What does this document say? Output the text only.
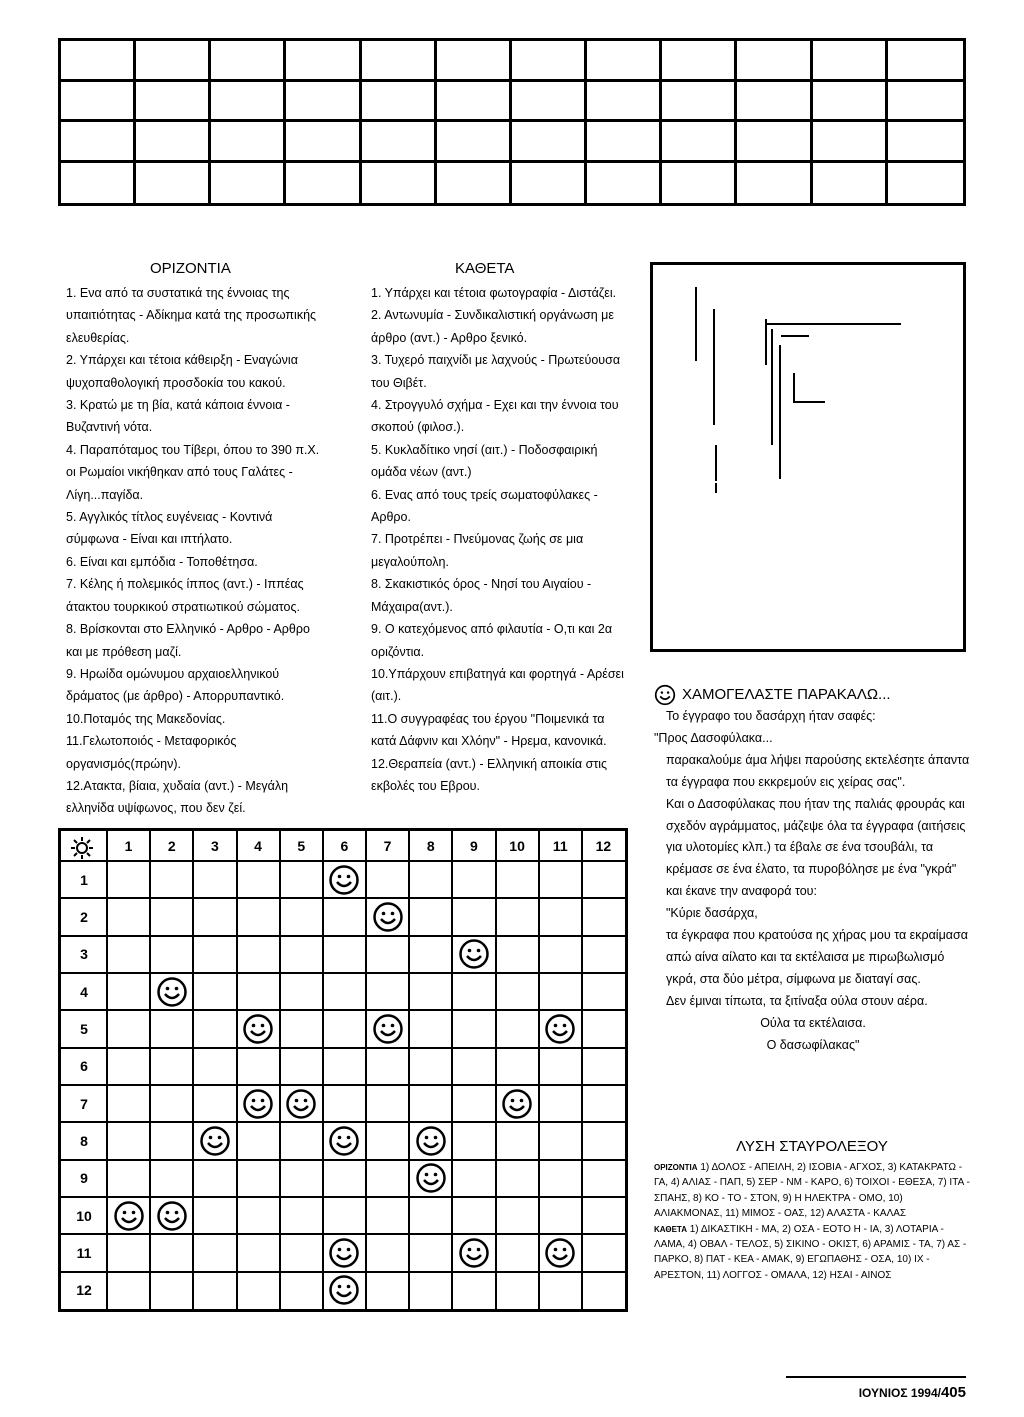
ΟΡΙΖΟΝΤΙΑ

1. Ενα από τα συστατικά της έννοιας της υπαιτιότητας - Αδίκημα κατά της προσωπικής ελευθερίας.

2. Υπάρχει και τέτοια κάθειρξη - Εναγώνια ψυχοπαθολογική προσδοκία του κακού.

3. Κρατώ με τη βία, κατά κάποια έννοια - Βυζαντινή νότα.

4. Παραπόταμος του Τίβερι, όπου το 390 π.Χ. οι Ρωμαίοι νικήθηκαν από τους Γαλάτες - Λίγη...παγίδα.

5. Αγγλικός τίτλος ευγένειας - Κοντινά σύμφωνα - Είναι και ιπτήλατο.

6. Είναι και εμπόδια - Τοποθέτησα.

7. Κέλης ή πολεμικός ίππος (αντ.) - Ιππέας άτακτου τουρκικού στρατιωτικού σώματος.

8. Βρίσκονται στο Ελληνικό - Αρθρο - Αρθρο και με πρόθεση μαζί.

9. Ηρωίδα ομώνυμου αρχαιοελληνικού δράματος (με άρθρο) - Απορρυπαντικό.

10.Ποταμός της Μακεδονίας.

11.Γελωτοποιός - Μεταφορικός οργανισμός(πρώην).

12.Ατακτα, βίαια, χυδαία (αντ.) - Μεγάλη ελληνίδα υψίφωνος, που δεν ζεί.

ΚΑΘΕΤΑ

1. Υπάρχει και τέτοια φωτογραφία - Διστάζει.

2. Αντωνυμία - Συνδικαλιστική οργάνωση με άρθρο (αντ.) - Αρθρο ξενικό.

3. Τυχερό παιχνίδι με λαχνούς - Πρωτεύουσα του Θιβέτ.

4. Στρογγυλό σχήμα - Εχει και την έννοια του σκοπού (φιλοσ.).

5. Κυκλαδίτικο νησί (αιτ.) - Ποδοσφαιρική ομάδα νέων (αντ.)

6. Ενας από τους τρείς σωματοφύλακες - Αρθρο.

7. Προτρέπει - Πνεύμονας ζωής σε μια μεγαλούπολη.

8. Σκακιστικός όρος - Νησί του Αιγαίου - Μάχαιρα(αντ.).

9. Ο κατεχόμενος από φιλαυτία - Ο,τι και 2α οριζόντια.

10.Υπάρχουν επιβατηγά και φορτηγά - Αρέσει (αιτ.).

11.Ο συγγραφέας του έργου "Ποιμενικά τα κατά Δάφνιν και Χλόην" - Ηρεμα, κανονικά.

12.Θεραπεία (αντ.) - Ελληνική αποικία στις εκβολές του Εβρου.

ΧΑΜΟΓΕΛΑΣΤΕ ΠΑΡΑΚΑΛΩ...

Το έγγραφο του δασάρχη ήταν σαφές:

"Προς Δασοφύλακα...

παρακαλούμε άμα λήψει παρούσης εκτελέσητε άπαντα τα έγγραφα που εκκρεμούν εις χείρας σας".

Και ο Δασοφύλακας που ήταν της παλιάς φρουράς και σχεδόν αγράμματος, μάζεψε όλα τα έγγραφα (αιτήσεις για υλοτομίες κλπ.) τα έβαλε σε ένα τσουβάλι, τα κρέμασε σε ένα έλατο, τα πυροβόλησε με ένα "γκρά" και έκανε την αναφορά του:

"Κύριε δασάρχα,

τα έγκραφα που κρατούσα ης χήρας μου τα εκραίμασα απώ αίνα αίλατο και τα εκτέλαισα με πιρωβωλισμό γκρά, στα δύο μέτρα, σίμφωνα με διαταγί σας.

Δεν έμιναι τίπωτα, τα ξιτίναξα ούλα στουν αέρα.

Ούλα τα εκτέλαισα.

Ο δασωφίλακας"

ΛΥΣΗ ΣΤΑΥΡΟΛΕΞΟΥ

ΟΡΙΖΟΝΤΙΑ 1) ΔΟΛΟΣ - ΑΠΕΙΛΗ, 2) ΙΣΟΒΙΑ - ΑΓΧΟΣ, 3) ΚΑΤΑΚΡΑΤΩ - ΓΑ, 4) ΑΛΙΑΣ - ΠΑΠ, 5) ΣΕΡ - ΝΜ - ΚΑΡΟ, 6) ΤΟΙΧΟΙ - ΕΘΕΣΑ, 7) ΙΤΑ - ΣΠΑΗΣ, 8) ΚΟ - ΤΟ - ΣΤΟΝ, 9) Η ΗΛΕΚΤΡΑ - ΟΜΟ, 10) ΑΛΙΑΚΜΟΝΑΣ, 11) ΜΙΜΟΣ - ΟΑΣ, 12) ΑΛΑΣΤΑ - ΚΑΛΑΣ

ΚΑΘΕΤΑ 1) ΔΙΚΑΣΤΙΚΗ - ΜΑ, 2) ΟΣΑ - ΕΟΤΟ Η - ΙΑ, 3) ΛΟΤΑΡΙΑ - ΛΑΜΑ, 4) ΟΒΑΛ - ΤΕΛΟΣ, 5) ΣΙΚΙΝΟ - ΟΚΙΣΤ, 6) ΑΡΑΜΙΣ - ΤΑ, 7) ΑΣ - ΠΑΡΚΟ, 8) ΠΑΤ - ΚΕΑ - ΑΜΑΚ, 9) ΕΓΩΠΑΘΗΣ - ΟΣΑ, 10) ΙΧ - ΑΡΕΣΤΟΝ, 11) ΛΟΓΓΟΣ - ΟΜΑΛΑ, 12) ΗΣΑΙ - ΑΙΝΟΣ

1	2	3	4	5	6	7	8	9	10	11	12
1
2
3
4
5
6
7
8
9
10
11
12
ΙΟΥΝΙΟΣ 1994/405
